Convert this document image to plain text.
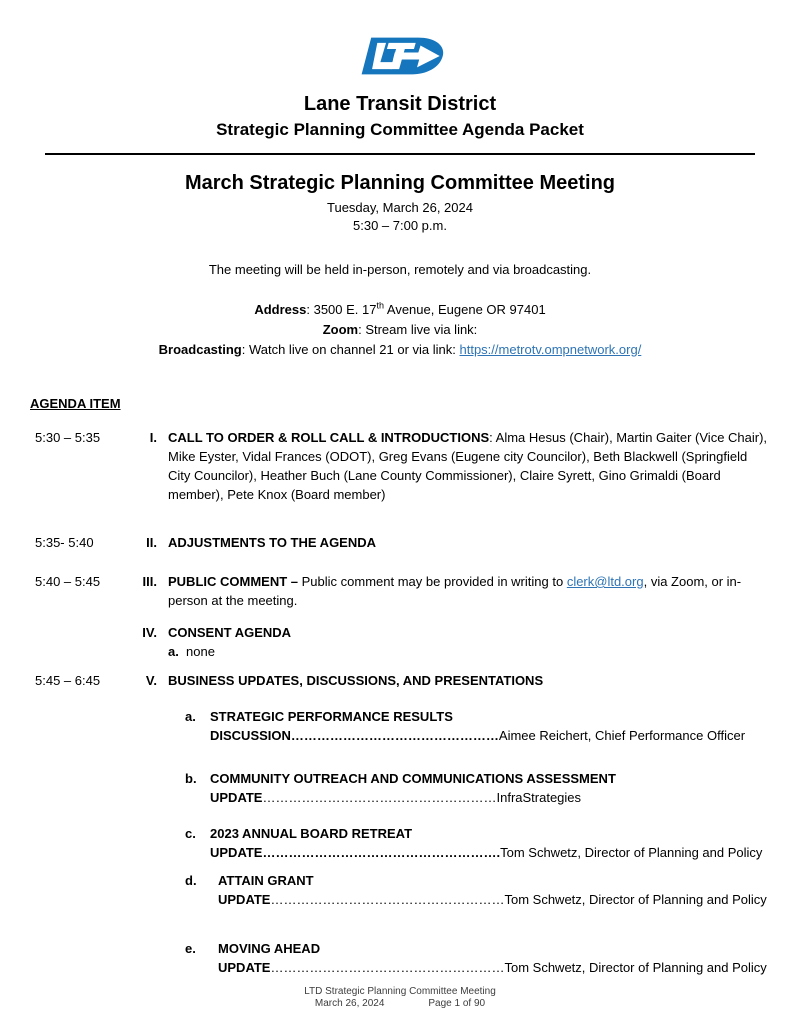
Lane Transit District
Strategic Planning Committee Agenda Packet
March Strategic Planning Committee Meeting
Tuesday, March 26, 2024
5:30 – 7:00 p.m.
The meeting will be held in-person, remotely and via broadcasting.
Address: 3500 E. 17th Avenue, Eugene OR 97401
Zoom: Stream live via link:
Broadcasting: Watch live on channel 21 or via link: https://metrotv.ompnetwork.org/
AGENDA ITEM
5:30 – 5:35	I. CALL TO ORDER & ROLL CALL & INTRODUCTIONS: Alma Hesus (Chair), Martin Gaiter (Vice Chair), Mike Eyster, Vidal Frances (ODOT), Greg Evans (Eugene city Councilor), Beth Blackwell (Springfield City Councilor), Heather Buch (Lane County Commissioner), Claire Syrett, Gino Grimaldi (Board member), Pete Knox (Board member)
5:35- 5:40	II. ADJUSTMENTS TO THE AGENDA
5:40 – 5:45	III. PUBLIC COMMENT – Public comment may be provided in writing to clerk@ltd.org, via Zoom, or in-person at the meeting.
IV. CONSENT AGENDA
a. none
5:45 – 6:45	V. BUSINESS UPDATES, DISCUSSIONS, AND PRESENTATIONS
a.	STRATEGIC PERFORMANCE RESULTS
DISCUSSION…………………………………………Aimee Reichert, Chief Performance Officer
b.	COMMUNITY OUTREACH AND COMMUNICATIONS ASSESSMENT
UPDATE………………………………………………InfraStrategies
c.	2023 ANNUAL BOARD RETREAT
UPDATE……………………………………………….Tom Schwetz, Director of Planning and Policy
d.	ATTAIN GRANT
UPDATE………………………………………………Tom Schwetz, Director of Planning and Policy
e.	MOVING AHEAD
UPDATE………………………………………………Tom Schwetz, Director of Planning and Policy
LTD Strategic Planning Committee Meeting
March 26, 2024	Page 1 of 90
